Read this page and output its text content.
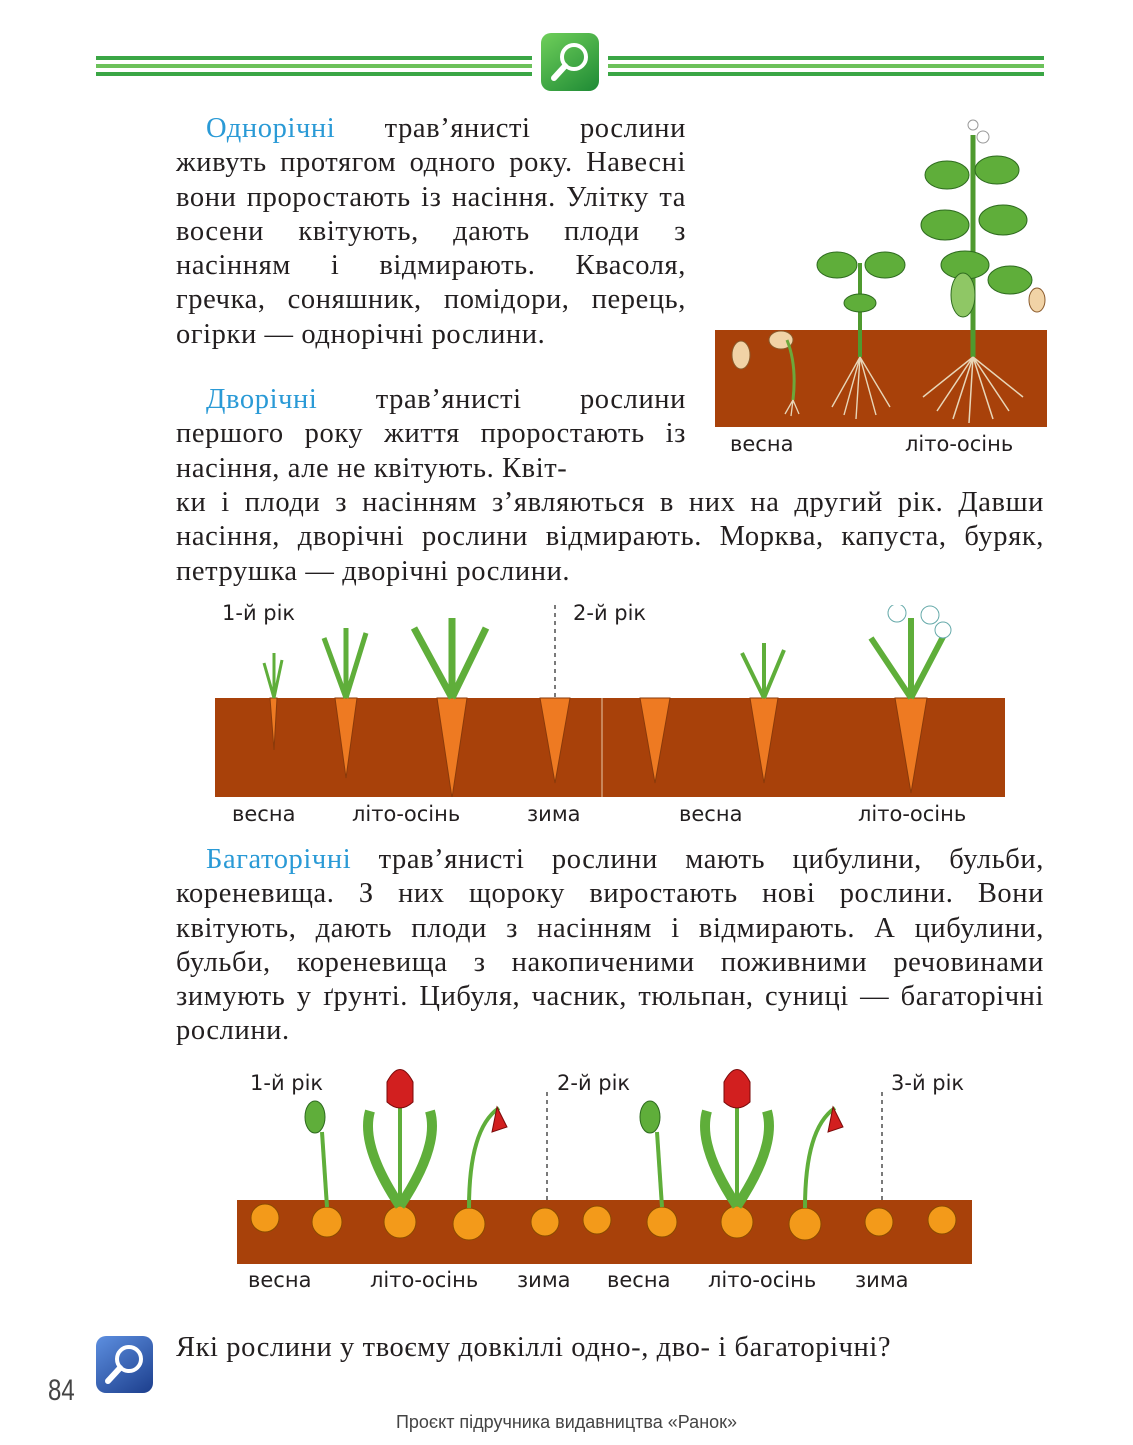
Однорічні трав’янисті рослини живуть протягом одного року. Навесні вони проростають із насіння. Улітку та восени квітують, дають плоди з насінням і відмирають. Квасоля, гречка, соняшник, помідори, перець, огірки — однорічні рослини.
Дворічні трав’янисті рослини першого року життя проростають із насіння, але не квітують. Квіт-
ки і плоди з насінням з’являються в них на другий рік. Давши насіння, дворічні рослини відмирають. Морква, капуста, буряк, петрушка — дворічні рослини.
весна	літо-осінь
1-й рік	2-й рік
весна	літо-осінь	зима	весна	літо-осінь
Багаторічні трав’янисті рослини мають цибулини, бульби, кореневища. З них щороку виростають нові рослини. Вони квітують, дають плоди з насінням і відмирають. А цибулини, бульби, кореневища з накопиченими поживними речовинами зимують у ґрунті. Цибуля, часник, тюльпан, суниці — багаторічні рослини.
1-й рік	2-й рік	3-й рік
весна	літо-осінь зима весна літо-осінь зима
Які рослини у твоєму довкіллі одно-, дво- і багаторічні?
84
Проєкт підручника видавництва «Ранок»
